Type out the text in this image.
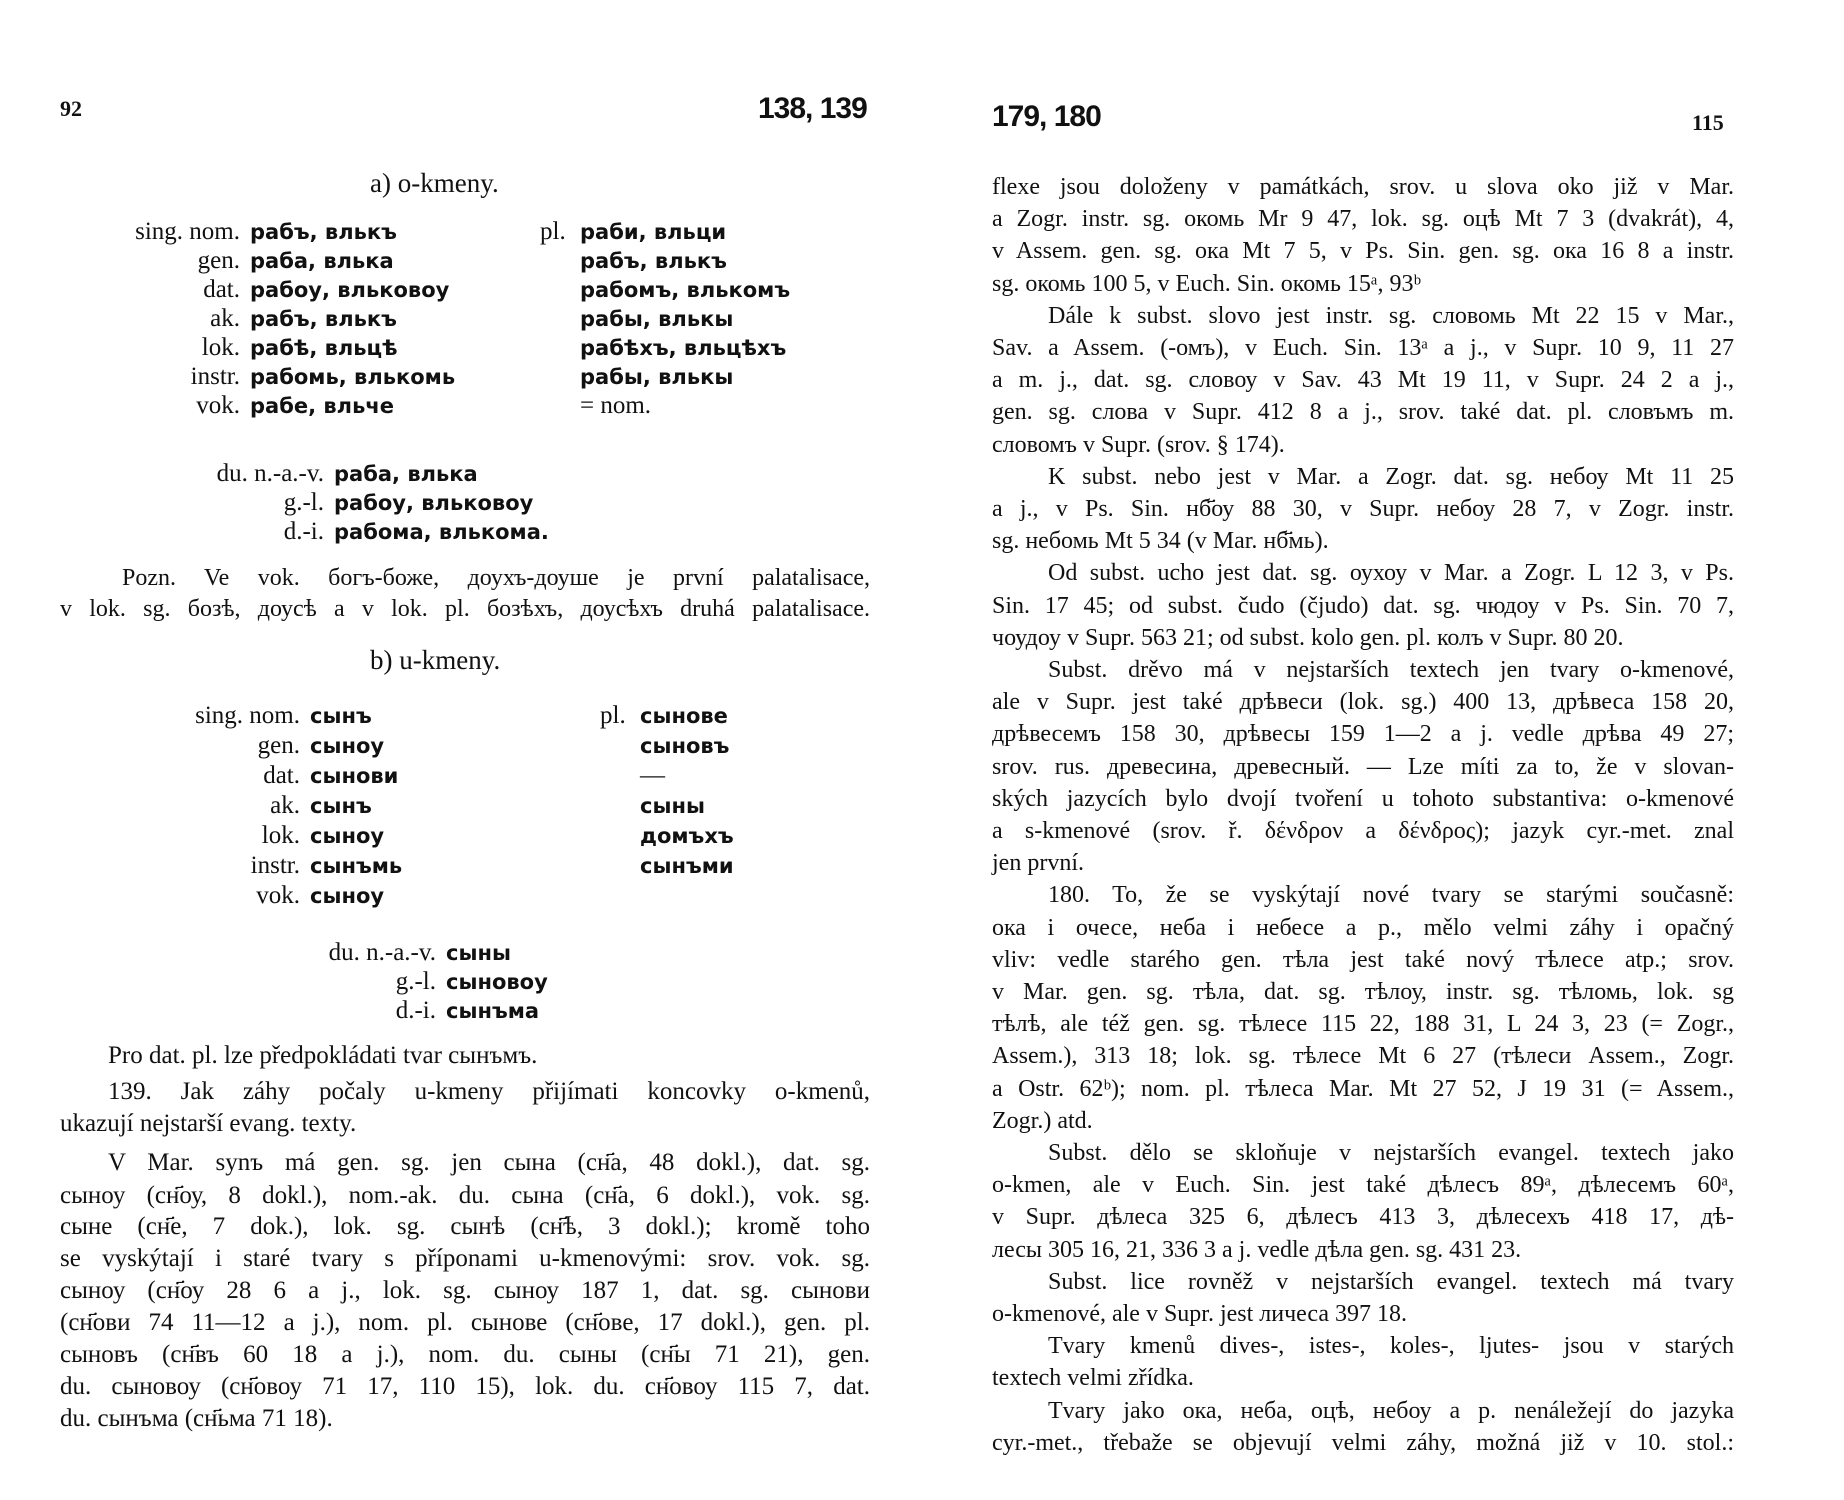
92	138, 139
a) o-kmeny.
sing. nom. рабъ, влькъ	pl. раби, вльци
gen. раба, влька	рабъ, влькъ
dat. рабоу, вльковоу	рабомъ, влькомъ
ak. рабъ, влькъ	рабы, влькы
lok. рабѣ, вльцѣ	рабѣхъ, вльцѣхъ
instr. рабомь, влькомь	рабы, влькы
vok. рабе, вльче	= nom.
du. n.-a.-v. раба, влька
g.-l. рабоу, вльковоу
d.-i. рабома, влькома.
Pozn. Ve vok. богъ-боже, доухъ-доуше je první palatalisace,
v lok. sg. бозѣ, доусѣ a v lok. pl. бозѣхъ, доусѣхъ druhá palatalisace.
b) u-kmeny.
sing. nom. сынъ	pl. сынове
gen. сыноу	сыновъ
dat. сынови	—
ak. сынъ	сыны
lok. сыноу	домъхъ
instr. сынъмь	сынъми
vok. сыноу
du. n.-a.-v. сыны
g.-l. сыновоу
d.-i. сынъма
Pro dat. pl. lze předpokládati tvar сынъмъ.
139. Jak záhy počaly u-kmeny přijímati koncovky o-kmenů,
ukazují nejstarší evang. texty.
V Mar. synъ má gen. sg. jen сына (сн҃а, 48 dokl.), dat. sg.
сыноу (сн҃оу, 8 dokl.), nom.-ak. du. сына (сн҃а, 6 dokl.), vok. sg.
сыне (сн҃е, 7 dok.), lok. sg. сынѣ (сн҃ѣ, 3 dokl.); kromě toho
se vyskýtají i staré tvary s příponami u-kmenovými: srov. vok. sg.
сыноу (сн҃оу 28 6 a j., lok. sg. сыноу 187 1, dat. sg. сынови
(сн҃ови 74 11—12 a j.), nom. pl. сынове (сн҃ове, 17 dokl.), gen. pl.
сыновъ (сн҃въ 60 18 a j.), nom. du. сыны (сн҃ы 71 21), gen.
du. сыновоу (сн҃овоу 71 17, 110 15), lok. du. сн҃овоу 115 7, dat.
du. сынъма (сн҃ьма 71 18).
179, 180	115
flexe jsou doloženy v památkách, srov. u slova oko již v Mar.
a Zogr. instr. sg. окомь Mr 9 47, lok. sg. оцѣ Mt 7 3 (dvakrát), 4,
v Assem. gen. sg. ока Mt 7 5, v Ps. Sin. gen. sg. ока 16 8 a instr.
sg. окомь 100 5, v Euch. Sin. окомь 15ᵃ, 93ᵇ
Dále k subst. slovo jest instr. sg. словомь Mt 22 15 v Mar.,
Sav. a Assem. (-омъ), v Euch. Sin. 13ᵃ a j., v Supr. 10 9, 11 27
a m. j., dat. sg. словоу v Sav. 43 Mt 19 11, v Supr. 24 2 a j.,
gen. sg. слова v Supr. 412 8 a j., srov. také dat. pl. словъмъ m.
словомъ v Supr. (srov. § 174).
K subst. nebo jest v Mar. a Zogr. dat. sg. небоу Mt 11 25
a j., v Ps. Sin. нб҃оу 88 30, v Supr. небоу 28 7, v Zogr. instr.
sg. небомь Mt 5 34 (v Mar. нб҃мь).
Od subst. ucho jest dat. sg. оухоу v Mar. a Zogr. L 12 3, v Ps.
Sin. 17 45; od subst. čudo (čjudo) dat. sg. чюдоу v Ps. Sin. 70 7,
чоудоу v Supr. 563 21; od subst. kolo gen. pl. колъ v Supr. 80 20.
Subst. drěvo má v nejstarších textech jen tvary o-kmenové,
ale v Supr. jest také дрѣвеси (lok. sg.) 400 13, дрѣвеса 158 20,
дрѣвесемъ 158 30, дрѣвесы 159 1—2 a j. vedle дрѣва 49 27;
srov. rus. древесина, древесный. — Lze míti za to, že v slovan-
ských jazycích bylo dvojí tvoření u tohoto substantiva: o-kmenové
a s-kmenové (srov. ř. δένδρον a δένδρος); jazyk cyr.-met. znal
jen první.
180. To, že se vyskýtají nové tvary se starými současně:
ока i очесе, неба i небесе a p., mělo velmi záhy i opačný
vliv: vedle starého gen. тѣла jest také nový тѣлесе atp.; srov.
v Mar. gen. sg. тѣла, dat. sg. тѣлоу, instr. sg. тѣломь, lok. sg
тѣлѣ, ale též gen. sg. тѣлесе 115 22, 188 31, L 24 3, 23 (= Zogr.,
Assem.), 313 18; lok. sg. тѣлесе Mt 6 27 (тѣлеси Assem., Zogr.
a Ostr. 62ᵇ); nom. pl. тѣлеса Mar. Mt 27 52, J 19 31 (= Assem.,
Zogr.) atd.
Subst. dělo se skloňuje v nejstarších evangel. textech jako
o-kmen, ale v Euch. Sin. jest také дѣлесъ 89ᵃ, дѣлесемъ 60ᵃ,
v Supr. дѣлеса 325 6, дѣлесъ 413 3, дѣлесехъ 418 17, дѣ-
лесы 305 16, 21, 336 3 a j. vedle дѣла gen. sg. 431 23.
Subst. lice rovněž v nejstarších evangel. textech má tvary
o-kmenové, ale v Supr. jest личеса 397 18.
Tvary kmenů dives-, istes-, koles-, ljutes- jsou v starých
textech velmi zřídka.
Tvary jako ока, неба, оцѣ, небоу a p. nenáležejí do jazyka
cyr.-met., třebaže se objevují velmi záhy, možná již v 10. stol.:
